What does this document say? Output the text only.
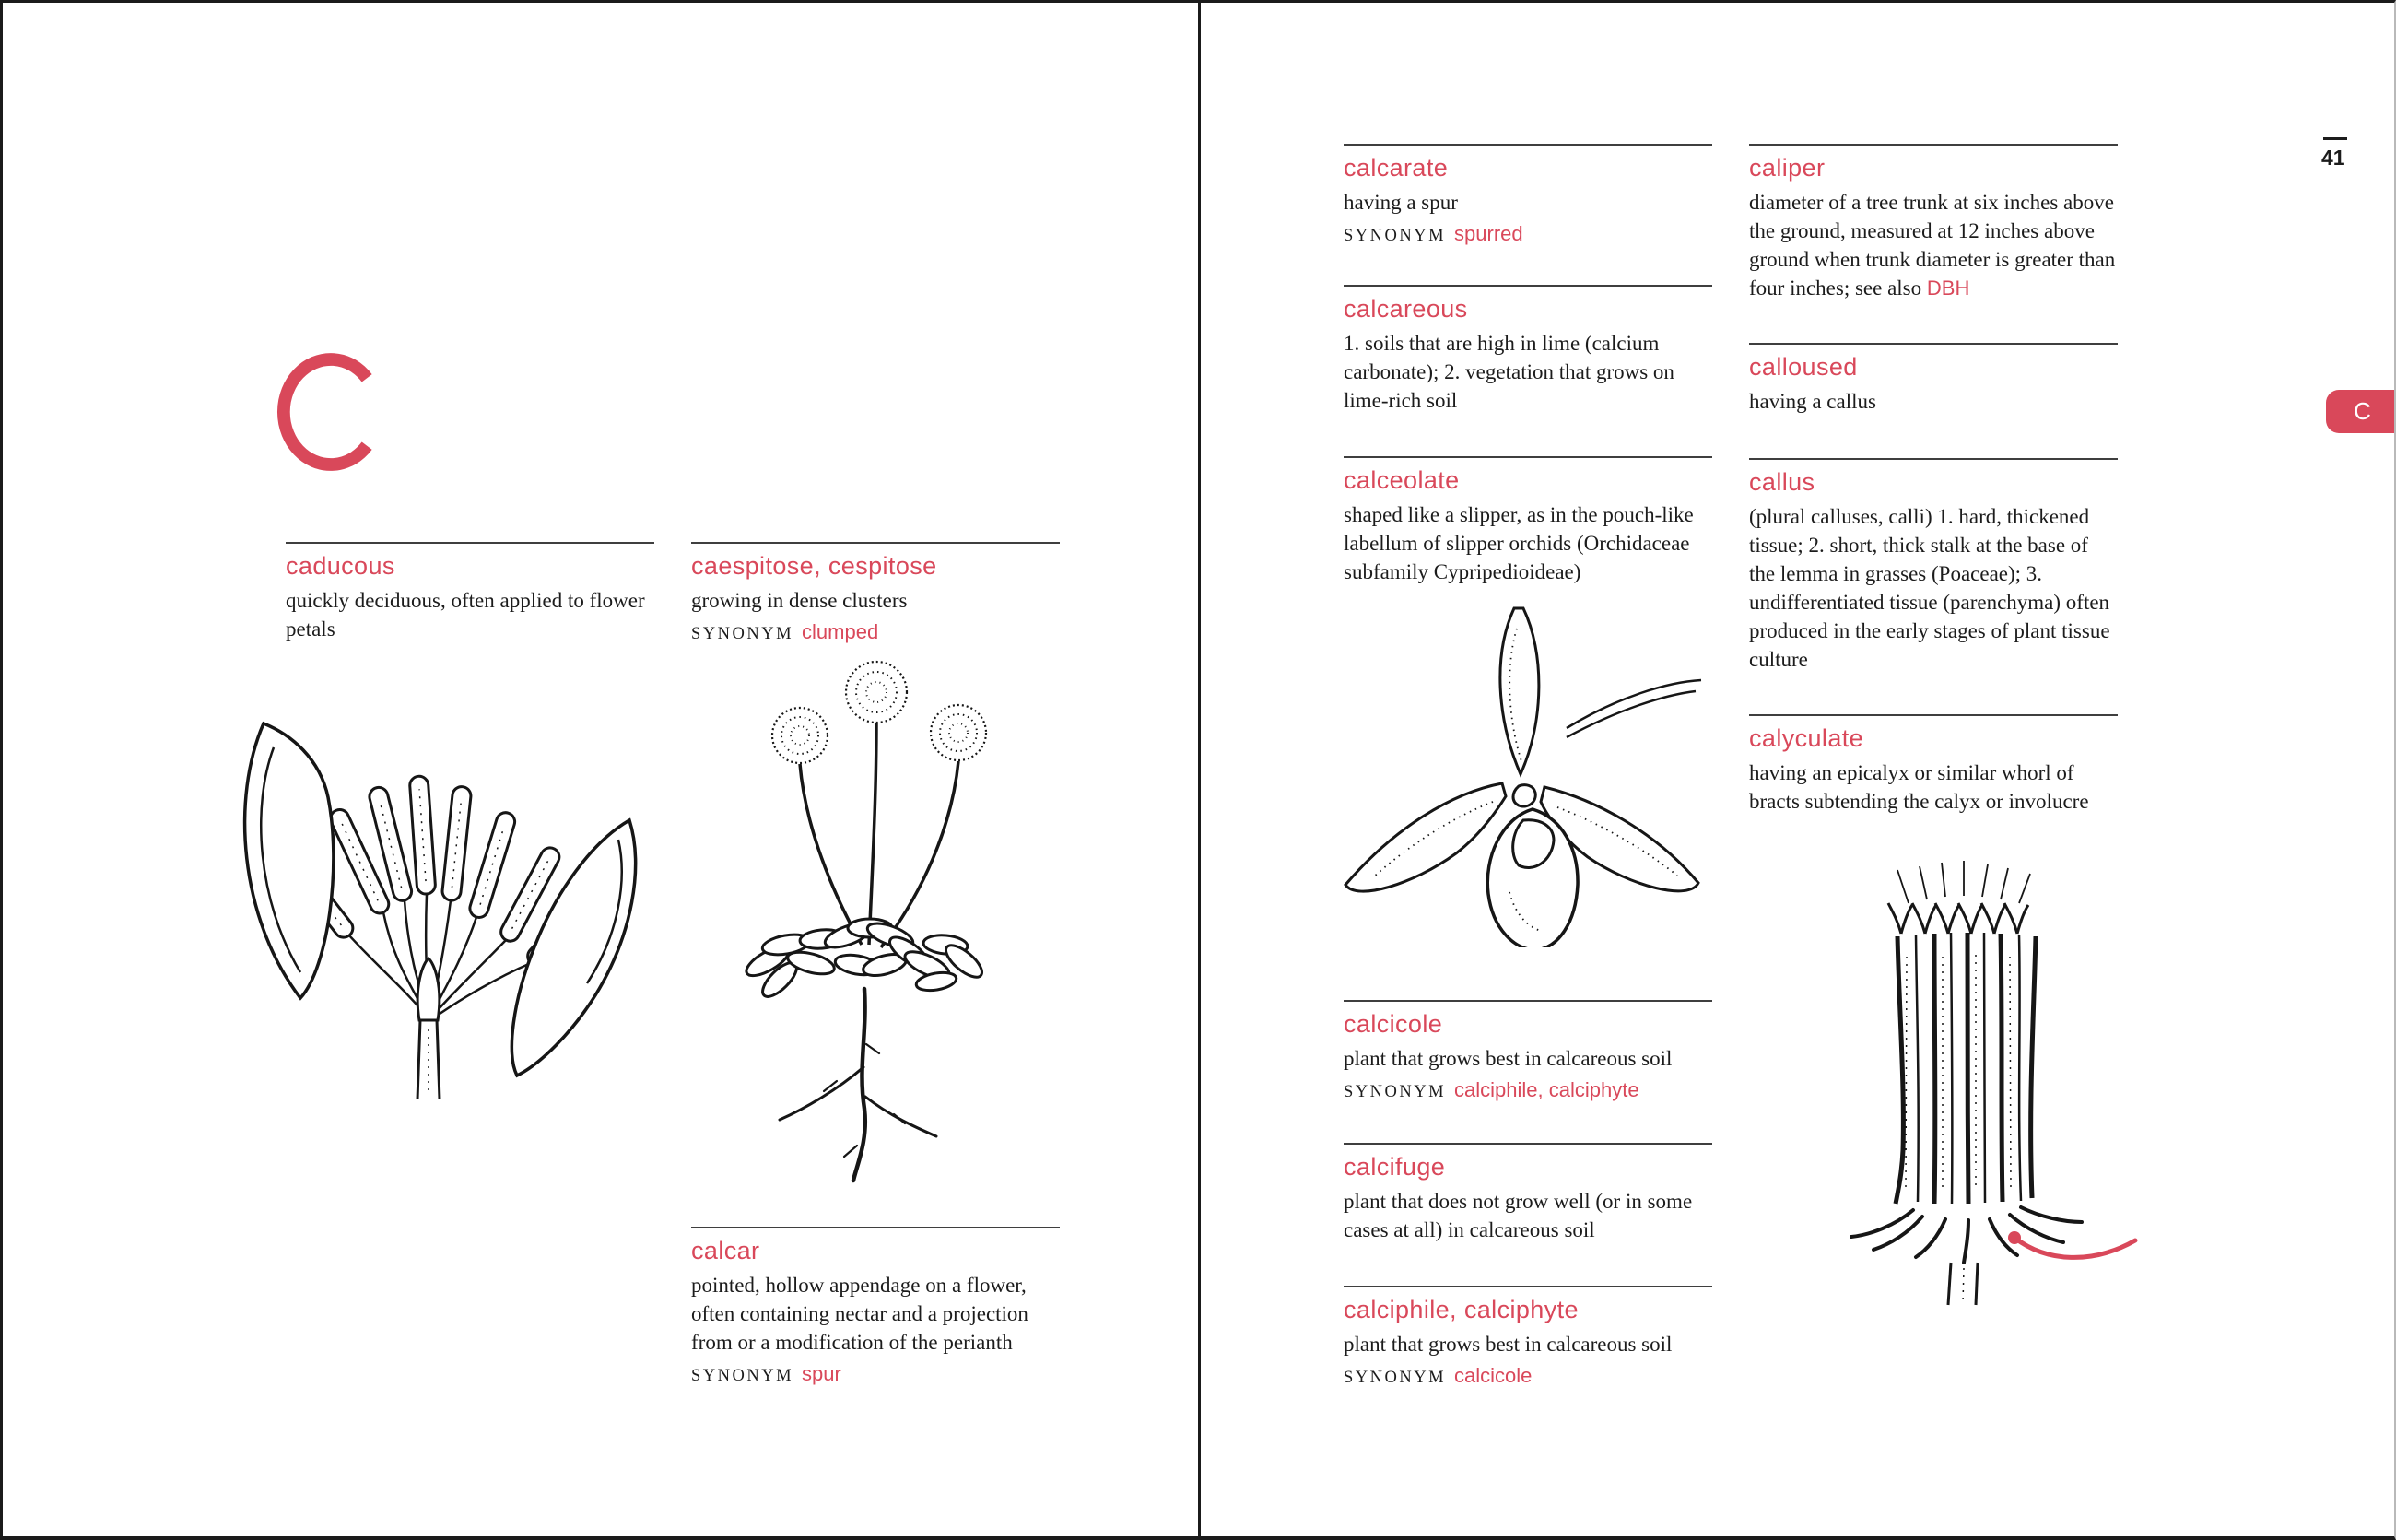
caducous

quickly deciduous, often applied to flower petals

caespitose, cespitose

growing in dense clusters

SYNONYM clumped

calcar

pointed, hollow appendage on a flower, often containing nectar and a projection from or a modification of the perianth

SYNONYM spur

41

C
calcarate

having a spur

SYNONYM spurred

calcareous

1. soils that are high in lime (calcium carbonate); 2. vegetation that grows on lime-rich soil

calceolate

shaped like a slipper, as in the pouch-like labellum of slipper orchids (Orchidaceae subfamily Cypripedioideae)

calcicole

plant that grows best in calcareous soil

SYNONYM calciphile, calciphyte

calcifuge

plant that does not grow well (or in some cases at all) in calcareous soil

calciphile, calciphyte

plant that grows best in calcareous soil

SYNONYM calcicole

caliper

diameter of a tree trunk at six inches above the ground, measured at 12 inches above ground when trunk diameter is greater than four inches; see also DBH

calloused

having a callus

callus

(plural calluses, calli) 1. hard, thickened tissue; 2. short, thick stalk at the base of the lemma in grasses (Poaceae); 3. undifferentiated tissue (parenchyma) often produced in the early stages of plant tissue culture

calyculate

having an epicalyx or similar whorl of bracts subtending the calyx or involucre
